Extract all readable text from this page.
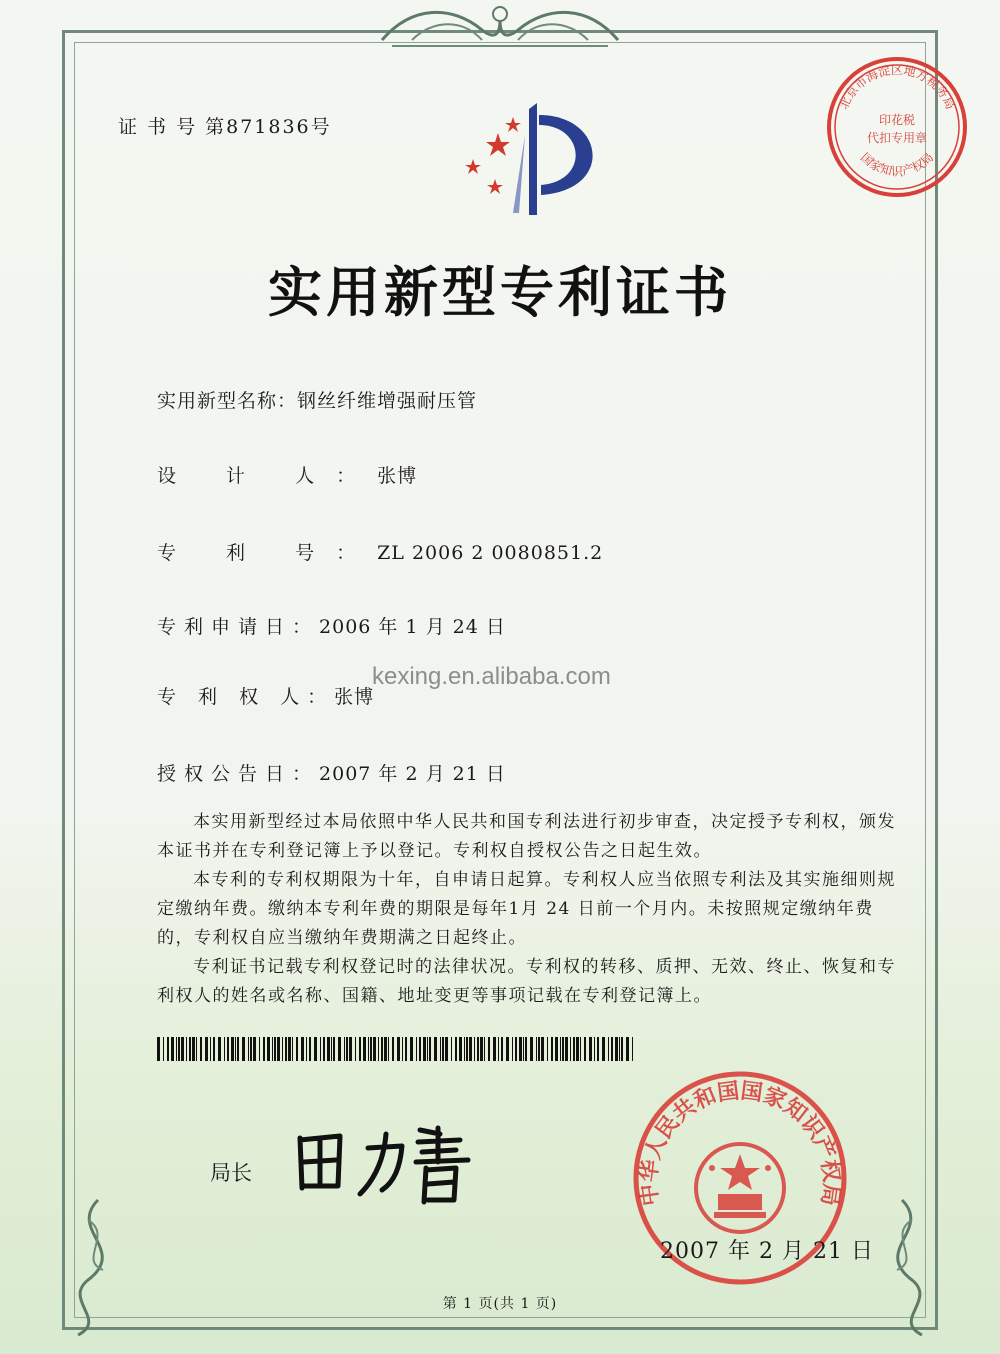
证 书 号 第871836号
北京市海淀区地方税务局
印花税
代扣专用章
国家知识产权局
实用新型专利证书
实用新型名称：钢丝纤维增强耐压管
设 计 人：张博
专 利 号：ZL 2006 2 0080851.2
专利申请日：2006 年 1 月 24 日
专 利 权 人：张博
授权公告日：2007 年 2 月 21 日
kexing.en.alibaba.com

本实用新型经过本局依照中华人民共和国专利法进行初步审查，决定授予专利权，颁发本证书并在专利登记簿上予以登记。专利权自授权公告之日起生效。

本专利的专利权期限为十年，自申请日起算。专利权人应当依照专利法及其实施细则规定缴纳年费。缴纳本专利年费的期限是每年1月 24 日前一个月内。未按照规定缴纳年费的，专利权自应当缴纳年费期满之日起终止。

专利证书记载专利权登记时的法律状况。专利权的转移、质押、无效、终止、恢复和专利权人的姓名或名称、国籍、地址变更等事项记载在专利登记簿上。

局长
中华人民共和国国家知识产权局
2007 年 2 月 21 日
第 1 页(共 1 页)
